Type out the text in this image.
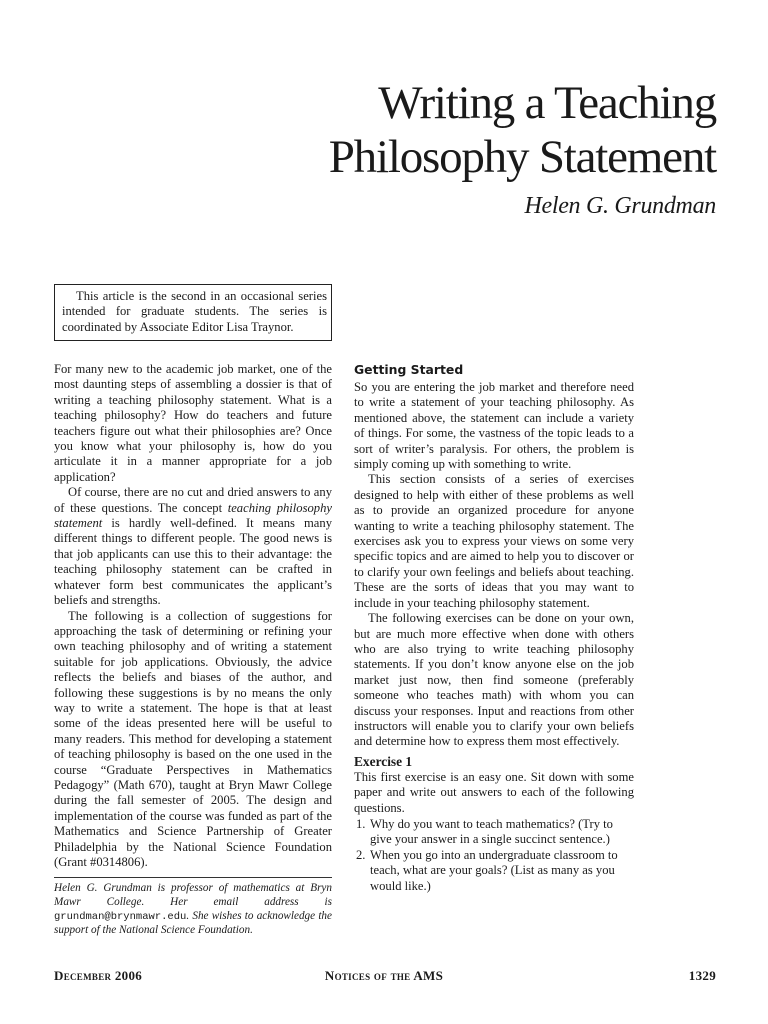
Writing a Teaching
Philosophy Statement
Helen G. Grundman
This article is the second in an occasional series intended for graduate students. The series is coordinated by Associate Editor Lisa Traynor.

For many new to the academic job market, one of the most daunting steps of assembling a dossier is that of writing a teaching philosophy statement. What is a teaching philosophy? How do teachers and future teachers figure out what their philosophies are? Once you know what your philosophy is, how do you articulate it in a manner appropriate for a job application?

Of course, there are no cut and dried answers to any of these questions. The concept teaching philosophy statement is hardly well-defined. It means many different things to different people. The good news is that job applicants can use this to their advantage: the teaching philosophy statement can be crafted in whatever form best communicates the applicant’s beliefs and strengths.

The following is a collection of suggestions for approaching the task of determining or refining your own teaching philosophy and of writing a statement suitable for job applications. Obviously, the advice reflects the beliefs and biases of the author, and following these suggestions is by no means the only way to write a statement. The hope is that at least some of the ideas presented here will be useful to many readers. This method for developing a statement of teaching philosophy is based on the one used in the course “Graduate Perspectives in Mathematics Pedagogy” (Math 670), taught at Bryn Mawr College during the fall semester of 2005. The design and implementation of the course was funded as part of the Mathematics and Science Partnership of Greater Philadelphia by the National Science Foundation (Grant #0314806).

Helen G. Grundman is professor of mathematics at Bryn Mawr College. Her email address is grundman@brynmawr.edu. She wishes to acknowledge the support of the National Science Foundation.
Getting Started

So you are entering the job market and therefore need to write a statement of your teaching philosophy. As mentioned above, the statement can include a variety of things. For some, the vastness of the topic leads to a sort of writer’s paralysis. For others, the problem is simply coming up with something to write.

This section consists of a series of exercises designed to help with either of these problems as well as to provide an organized procedure for anyone wanting to write a teaching philosophy statement. The exercises ask you to express your views on some very specific topics and are aimed to help you to discover or to clarify your own feelings and beliefs about teaching. These are the sorts of ideas that you may want to include in your teaching philosophy statement.

The following exercises can be done on your own, but are much more effective when done with others who are also trying to write teaching philosophy statements. If you don’t know anyone else on the job market just now, then find someone (preferably someone who teaches math) with whom you can discuss your responses. Input and reactions from other instructors will enable you to clarify your own beliefs and determine how to express them most effectively.

Exercise 1

This first exercise is an easy one. Sit down with some paper and write out answers to each of the following questions.

1. Why do you want to teach mathematics? (Try to give your answer in a single succinct sentence.)
2. When you go into an undergraduate classroom to teach, what are your goals? (List as many as you would like.)
December 2006	Notices of the AMS	1329
